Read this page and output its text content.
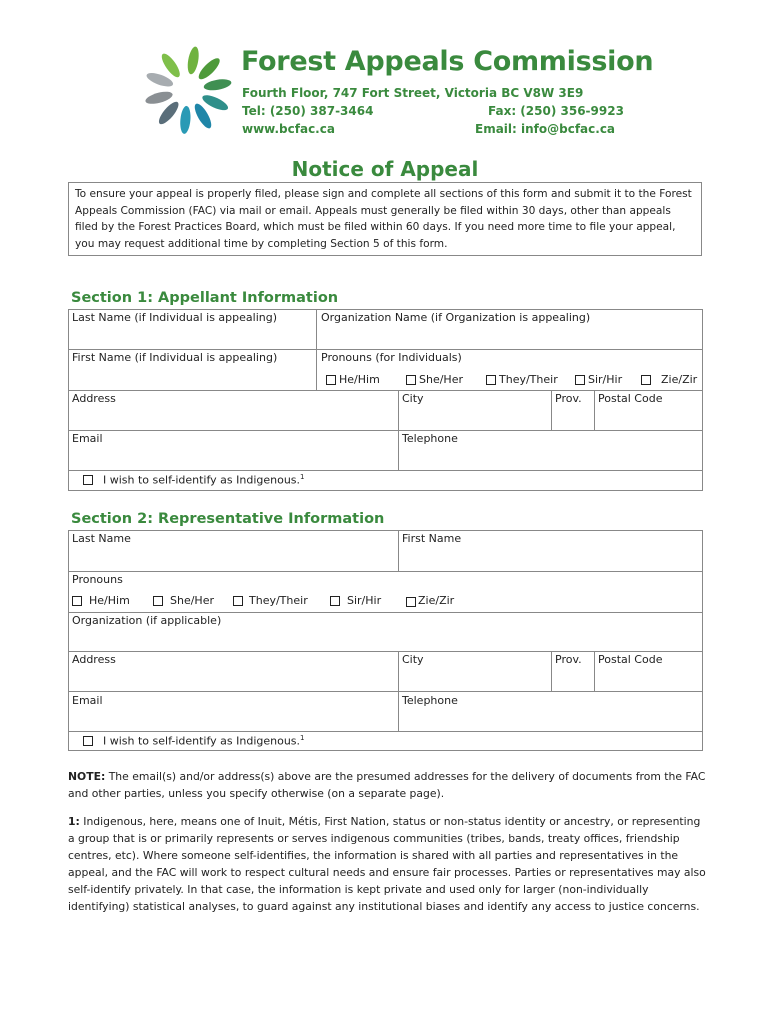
Forest Appeals Commission
Fourth Floor, 747 Fort Street, Victoria BC V8W 3E9
Tel: (250) 387-3464	Fax: (250) 356-9923
www.bcfac.ca	Email: info@bcfac.ca
Notice of Appeal
To ensure your appeal is properly filed, please sign and complete all sections of this form and submit it to the Forest Appeals Commission (FAC) via mail or email. Appeals must generally be filed within 30 days, other than appeals filed by the Forest Practices Board, which must be filed within 60 days. If you need more time to file your appeal, you may request additional time by completing Section 5 of this form.
Section 1: Appellant Information
Last Name (if Individual is appealing)	Organization Name (if Organization is appealing)
First Name (if Individual is appealing)	Pronouns (for Individuals)
He/Him	She/Her	They/Their	Sir/Hir	Zie/Zir
Address	City	Prov. Postal Code
Email	Telephone
I wish to self-identify as Indigenous.$^1$
Section 2: Representative Information
Last Name	First Name
Pronouns
He/Him	She/Her	They/Their	Sir/Hir	Zie/Zir
Organization (if applicable)
Address	City	Prov. Postal Code
Email	Telephone
I wish to self-identify as Indigenous.$^1$
NOTE: The email(s) and/or address(s) above are the presumed addresses for the delivery of documents from the FAC and other parties, unless you specify otherwise (on a separate page).
1: Indigenous, here, means one of Inuit, Métis, First Nation, status or non-status identity or ancestry, or representing a group that is or primarily represents or serves indigenous communities (tribes, bands, treaty offices, friendship centres, etc). Where someone self-identifies, the information is shared with all parties and representatives in the appeal, and the FAC will work to respect cultural needs and ensure fair processes. Parties or representatives may also self-identify privately. In that case, the information is kept private and used only for larger (non-individually identifying) statistical analyses, to guard against any institutional biases and identify any access to justice concerns.
